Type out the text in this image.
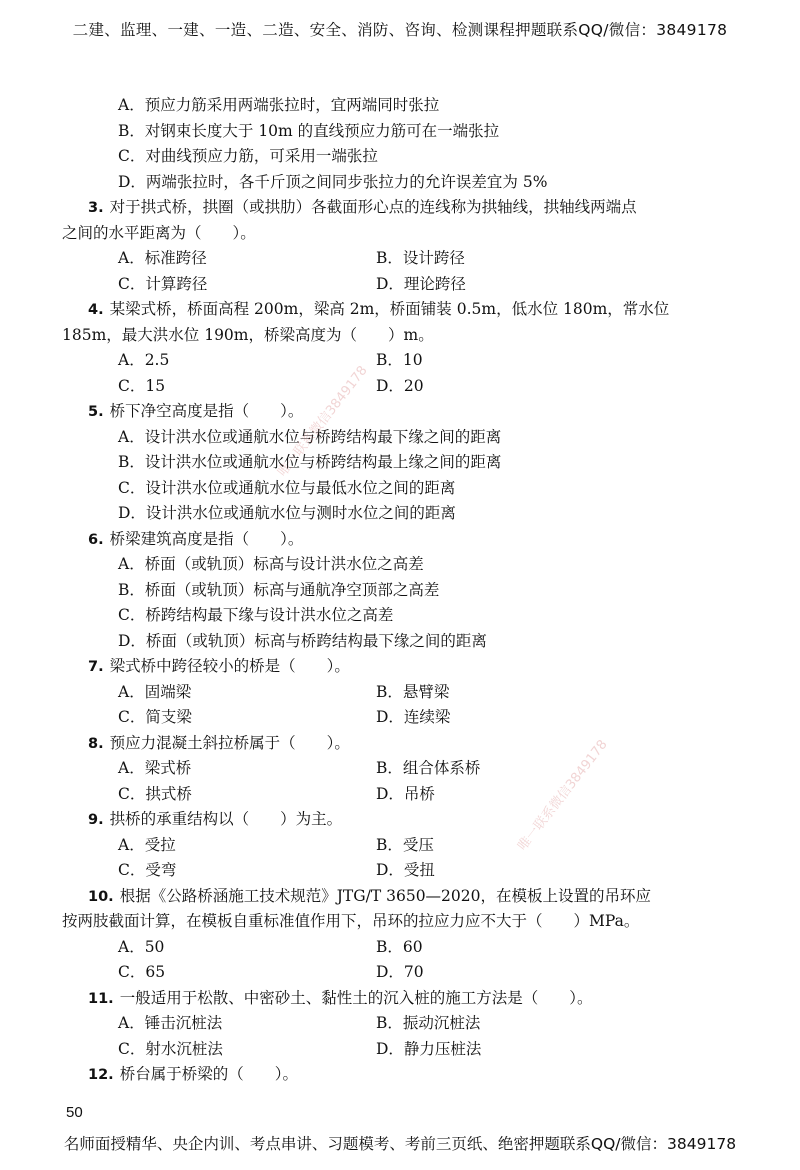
二建、监理、一建、一造、二造、安全、消防、咨询、检测课程押题联系QQ/微信：3849178
A．预应力筋采用两端张拉时，宜两端同时张拉
B．对钢束长度大于 10m 的直线预应力筋可在一端张拉
C．对曲线预应力筋，可采用一端张拉
D．两端张拉时，各千斤顶之间同步张拉力的允许误差宜为 5%
3. 对于拱式桥，拱圈（或拱肋）各截面形心点的连线称为拱轴线，拱轴线两端点
之间的水平距离为（　　）。
A．标准跨径	B．设计跨径
C．计算跨径	D．理论跨径
4. 某梁式桥，桥面高程 200m，梁高 2m，桥面铺装 0.5m，低水位 180m，常水位
185m，最大洪水位 190m，桥梁高度为（　　）m。
A．2.5	B．10
C．15	D．20
5. 桥下净空高度是指（　　）。
A．设计洪水位或通航水位与桥跨结构最下缘之间的距离
B．设计洪水位或通航水位与桥跨结构最上缘之间的距离
C．设计洪水位或通航水位与最低水位之间的距离
D．设计洪水位或通航水位与测时水位之间的距离
6. 桥梁建筑高度是指（　　）。
A．桥面（或轨顶）标高与设计洪水位之高差
B．桥面（或轨顶）标高与通航净空顶部之高差
C．桥跨结构最下缘与设计洪水位之高差
D．桥面（或轨顶）标高与桥跨结构最下缘之间的距离
7. 梁式桥中跨径较小的桥是（　　）。
A．固端梁	B．悬臂梁
C．简支梁	D．连续梁
8. 预应力混凝土斜拉桥属于（　　）。
A．梁式桥	B．组合体系桥
C．拱式桥	D．吊桥
9. 拱桥的承重结构以（　　）为主。
A．受拉	B．受压
C．受弯	D．受扭
10. 根据《公路桥涵施工技术规范》JTG/T 3650—2020，在模板上设置的吊环应
按两肢截面计算，在模板自重标准值作用下，吊环的拉应力应不大于（　　）MPa。
A．50	B．60
C．65	D．70
11. 一般适用于松散、中密砂土、黏性土的沉入桩的施工方法是（　　）。
A．锤击沉桩法	B．振动沉桩法
C．射水沉桩法	D．静力压桩法
12. 桥台属于桥梁的（　　）。
唯一联系微信3849178
唯一联系微信3849178
50
名师面授精华、央企内训、考点串讲、习题模考、考前三页纸、绝密押题联系QQ/微信：3849178
